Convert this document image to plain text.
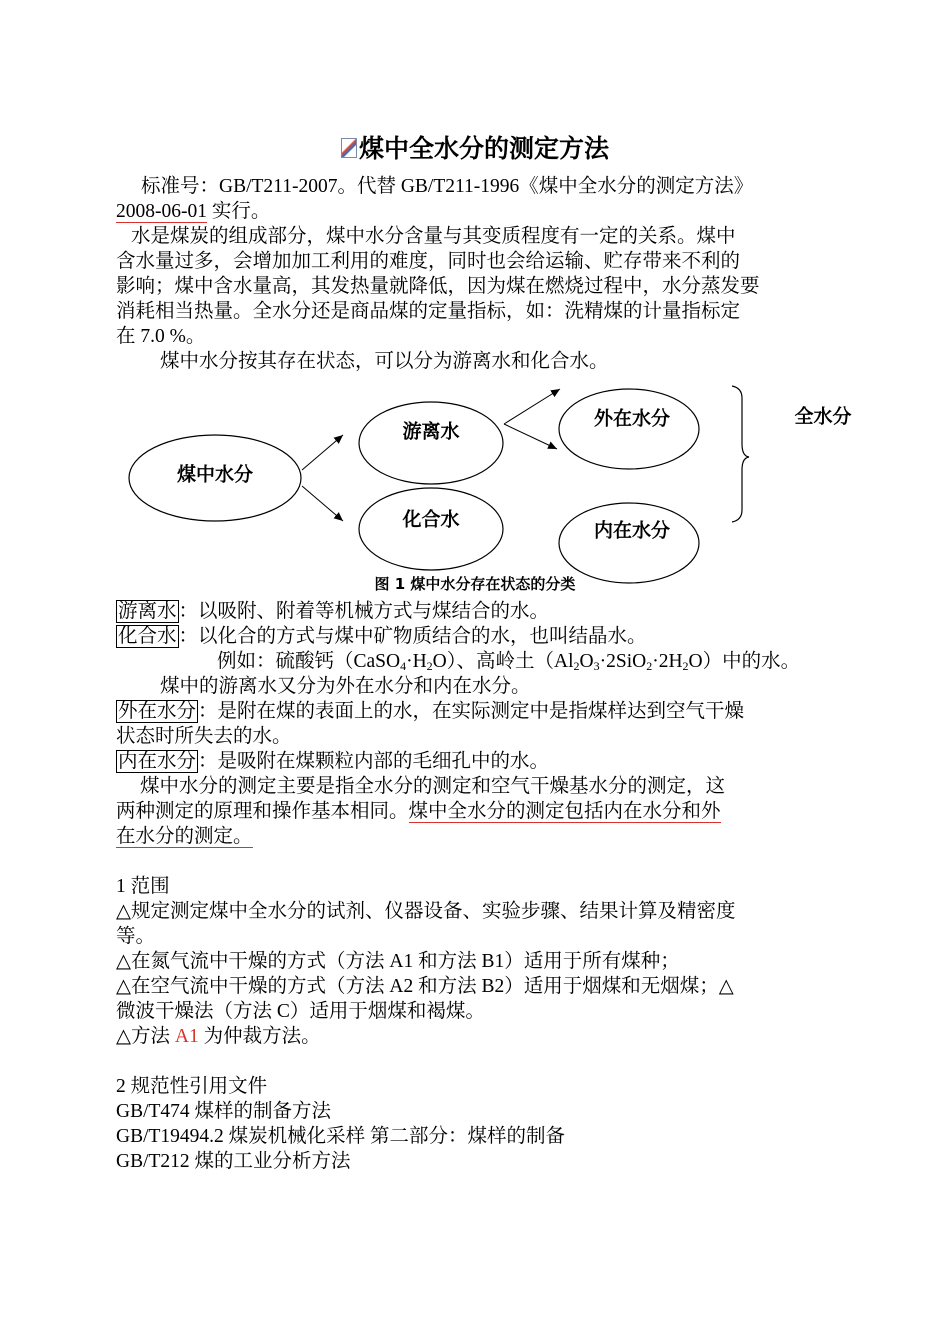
煤中全水分的测定方法
标准号：GB/T211-2007。代替 GB/T211-1996《煤中全水分的测定方法》
2008-06-01 实行。
水是煤炭的组成部分，煤中水分含量与其变质程度有一定的关系。煤中
含水量过多，会增加加工利用的难度，同时也会给运输、贮存带来不利的
影响；煤中含水量高，其发热量就降低，因为煤在燃烧过程中，水分蒸发要
消耗相当热量。全水分还是商品煤的定量指标，如：洗精煤的计量指标定
在 7.0 %。
煤中水分按其存在状态，可以分为游离水和化合水。
煤中水分
游离水
化合水
外在水分
内在水分
全水分
图 1 煤中水分存在状态的分类
游离水 ：以吸附、附着等机械方式与煤结合的水。
化合水 ：以化合的方式与煤中矿物质结合的水，也叫结晶水。
例如：硫酸钙$(CaSO_4\cdot H_2O)$、高岭土$(Al_2O_3\cdot 2SiO_2\cdot 2H_2O)$中的水。
煤中的游离水又分为外在水分和内在水分。
外在水分 ：是附在煤的表面上的水，在实际测定中是指煤样达到空气干燥
状态时所失去的水。
内在水分 ：是吸附在煤颗粒内部的毛细孔中的水。
煤中水分的测定主要是指全水分的测定和空气干燥基水分的测定，这
两种测定的原理和操作基本相同。煤中全水分的测定包括内在水分和外
在水分的测定。
1 范围
△规定测定煤中全水分的试剂、仪器设备、实验步骤、结果计算及精密度
等。
△在氮气流中干燥的方式（方法 A1 和方法 B1）适用于所有煤种；
△在空气流中干燥的方式（方法 A2 和方法 B2）适用于烟煤和无烟煤；△
微波干燥法（方法 C）适用于烟煤和褐煤。
△方法 A1 为仲裁方法。
2 规范性引用文件
GB/T474 煤样的制备方法
GB/T19494.2 煤炭机械化采样 第二部分：煤样的制备
GB/T212 煤的工业分析方法
